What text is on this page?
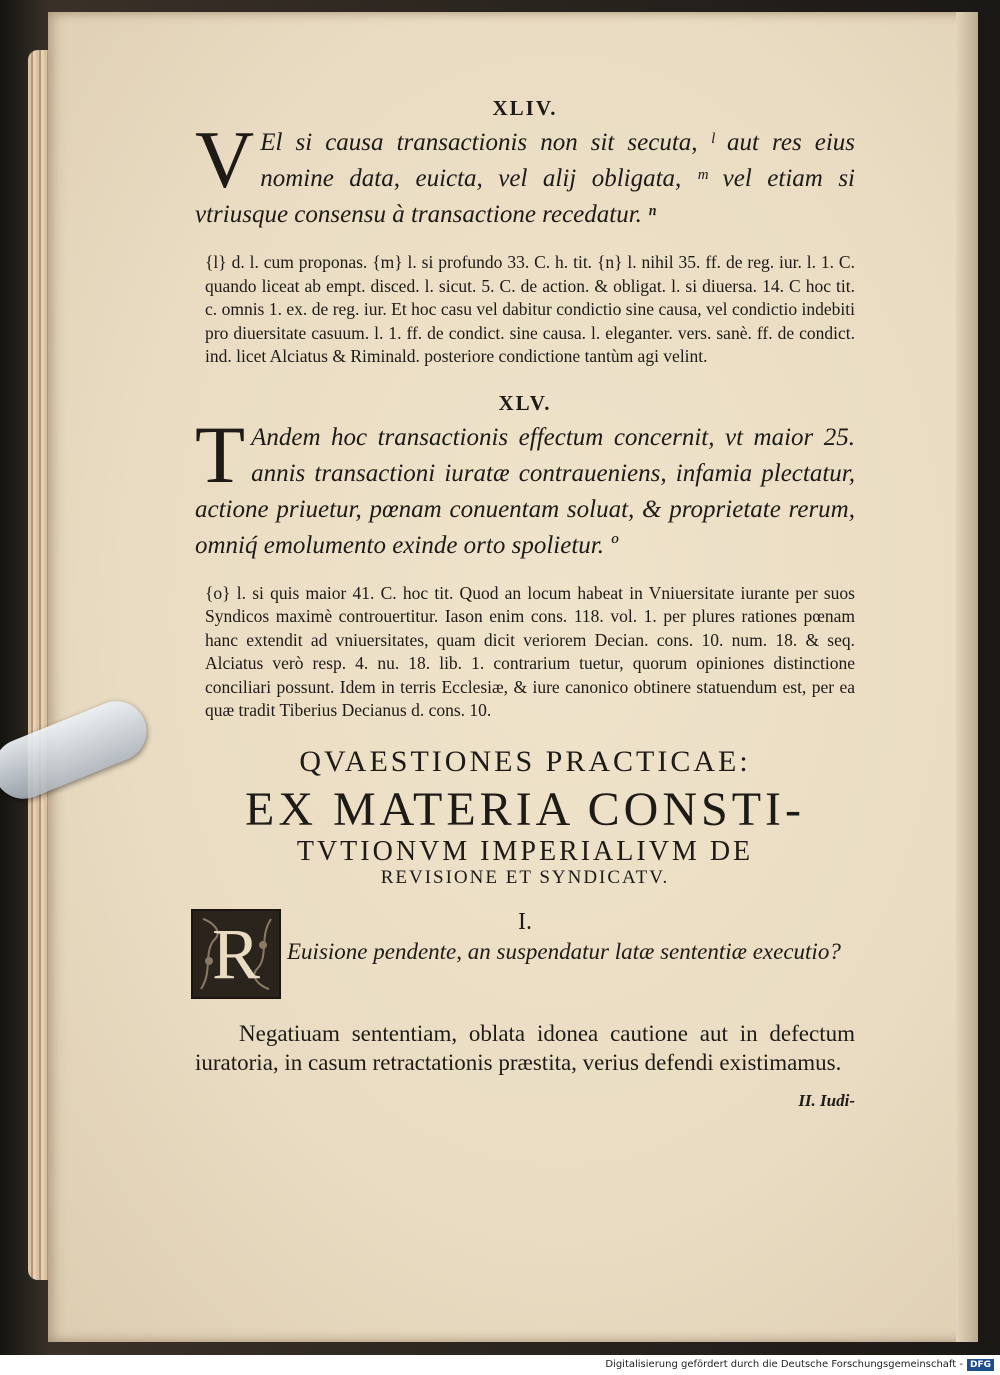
XLIV.

V El si causa transactionis non sit secuta, ˡ aut res eius nomine data, euicta, vel alij obligata, ᵐ vel etiam si vtriusque consensu à transactione recedatur. ⁿ

{l} d. l. cum proponas. {m} l. si profundo 33. C. h. tit. {n} l. nihil 35. ff. de reg. iur. l. 1. C. quando liceat ab empt. disced. l. sicut. 5. C. de action. & obligat. l. si diuersa. 14. C hoc tit. c. omnis 1. ex. de reg. iur. Et hoc casu vel dabitur condictio sine causa, vel condictio indebiti pro diuersitate casuum. l. 1. ff. de condict. sine causa. l. eleganter. vers. sanè. ff. de condict. ind. licet Alciatus & Riminald. posteriore condictione tantùm agi velint.

XLV.

T Andem hoc transactionis effectum concernit, vt maior 25. annis transactioni iuratæ contraueniens, infamia plectatur, actione priuetur, pœnam conuentam soluat, & proprietate rerum, omniq́ emolumento exinde orto spolietur. º

{o} l. si quis maior 41. C. hoc tit. Quod an locum habeat in Vniuersitate iurante per suos Syndicos maximè controuertitur. Iason enim cons. 118. vol. 1. per plures rationes pœnam hanc extendit ad vniuersitates, quam dicit veriorem Decian. cons. 10. num. 18. & seq. Alciatus verò resp. 4. nu. 18. lib. 1. contrarium tuetur, quorum opiniones distinctione conciliari possunt. Idem in terris Ecclesiæ, & iure canonico obtinere statuendum est, per ea quæ tradit Tiberius Decianus d. cons. 10.

QVAESTIONES PRACTICAE:
EX MATERIA CONSTI-
TVTIONVM IMPERIALIVM DE
REVISIONE ET SYNDICATV.
R	I.
Euisione pendente, an suspendatur latæ sententiæ executio?

Negatiuam sententiam, oblata idonea cautione aut in defectum iuratoria, in casum retractationis præstita, verius defendi existimamus.

II. Iudi-
Digitalisierung gefördert durch die Deutsche Forschungsgemeinschaft - DFG
